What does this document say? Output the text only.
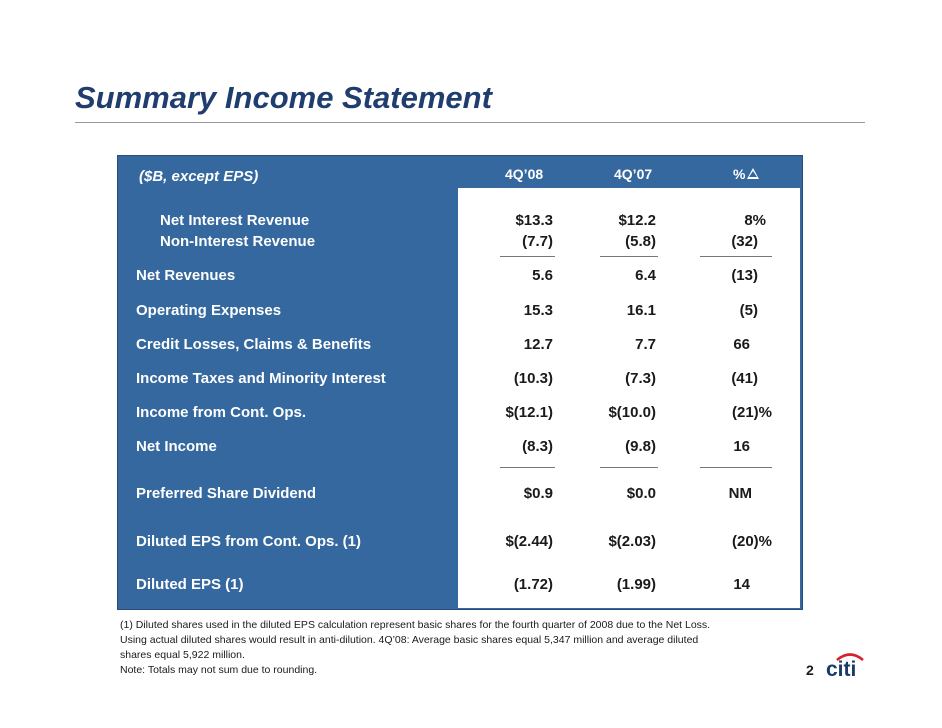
Summary Income Statement
($B, except EPS)	4Q’08	4Q’07	%
Net Interest Revenue	$13.3	$12.2	8%
Non-Interest Revenue	(7.7)	(5.8)	(32)
Net Revenues	5.6	6.4	(13)
Operating Expenses	15.3	16.1	(5)
Credit Losses, Claims & Benefits	12.7	7.7	66
Income Taxes and Minority Interest	(10.3)	(7.3)	(41)
Income from Cont. Ops.	$(12.1)	$(10.0)	(21)%
Net Income	(8.3)	(9.8)	16
Preferred Share Dividend	$0.9	$0.0	NM
Diluted EPS from Cont. Ops. (1)	$(2.44)	$(2.03)	(20)%
Diluted EPS (1)	(1.72)	(1.99)	14
(1) Diluted shares used in the diluted EPS calculation represent basic shares for the fourth quarter of 2008 due to the Net Loss.
Using actual diluted shares would result in anti-dilution. 4Q’08: Average basic shares equal 5,347 million and average diluted
shares equal 5,922 million.
Note: Totals may not sum due to rounding.	2 citi
